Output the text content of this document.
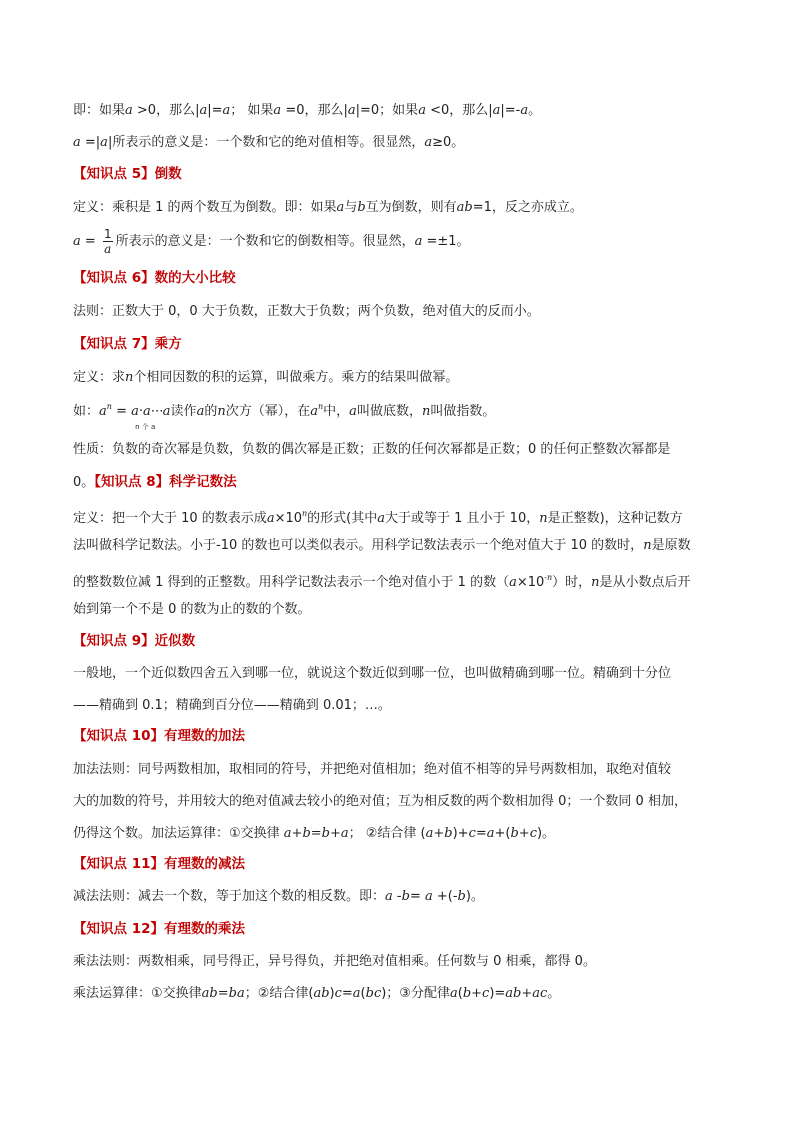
即：如果a >0，那么|a|=a； 如果a =0，那么|a|=0；如果a <0，那么|a|=-a。

a =|a|所表示的意义是：一个数和它的绝对值相等。很显然，a≥0。

【知识点 5】倒数

定义：乘积是 1 的两个数互为倒数。即：如果a与b互为倒数，则有ab=1，反之亦成立。

$a = \frac{1}{a}$ 所表示的意义是：一个数和它的倒数相等。很显然，a =±1。

【知识点 6】数的大小比较

法则：正数大于 0，0 大于负数，正数大于负数；两个负数，绝对值大的反而小。

【知识点 7】乘方

定义：求n个相同因数的积的运算，叫做乘方。乘方的结果叫做幂。

如：$a^n$ = a·a⋯a
n 个 a
读作a的n次方（幂），在$a^n$中，a叫做底数，n叫做指数。

性质：负数的奇次幂是负数，负数的偶次幂是正数；正数的任何次幂都是正数；0 的任何正整数次幂都是

0。【知识点 8】科学记数法

定义：把一个大于 10 的数表示成$a\times 10^n$的形式(其中a大于或等于 1 且小于 10，n是正整数)，这种记数方

法叫做科学记数法。小于-10 的数也可以类似表示。用科学记数法表示一个绝对值大于 10 的数时，n是原数

的整数数位减 1 得到的正整数。用科学记数法表示一个绝对值小于 1 的数$(a\times 10^{-n})$时，n是从小数点后开

始到第一个不是 0 的数为止的数的个数。

【知识点 9】近似数

一般地，一个近似数四舍五入到哪一位，就说这个数近似到哪一位，也叫做精确到哪一位。精确到十分位

——精确到 0.1；精确到百分位——精确到 0.01；…。

【知识点 10】有理数的加法

加法法则：同号两数相加，取相同的符号，并把绝对值相加；绝对值不相等的异号两数相加，取绝对值较

大的加数的符号，并用较大的绝对值减去较小的绝对值；互为相反数的两个数相加得 0；一个数同 0 相加，

仍得这个数。加法运算律：①交换律 a+b=b+a； ②结合律 (a+b)+c=a+(b+c)。

【知识点 11】有理数的减法

减法法则：减去一个数，等于加这个数的相反数。即：a -b= a +(-b)。

【知识点 12】有理数的乘法

乘法法则：两数相乘，同号得正，异号得负，并把绝对值相乘。任何数与 0 相乘，都得 0。

乘法运算律：①交换律ab=ba；②结合律(ab)c=a(bc)；③分配律a(b+c)=ab+ac。
